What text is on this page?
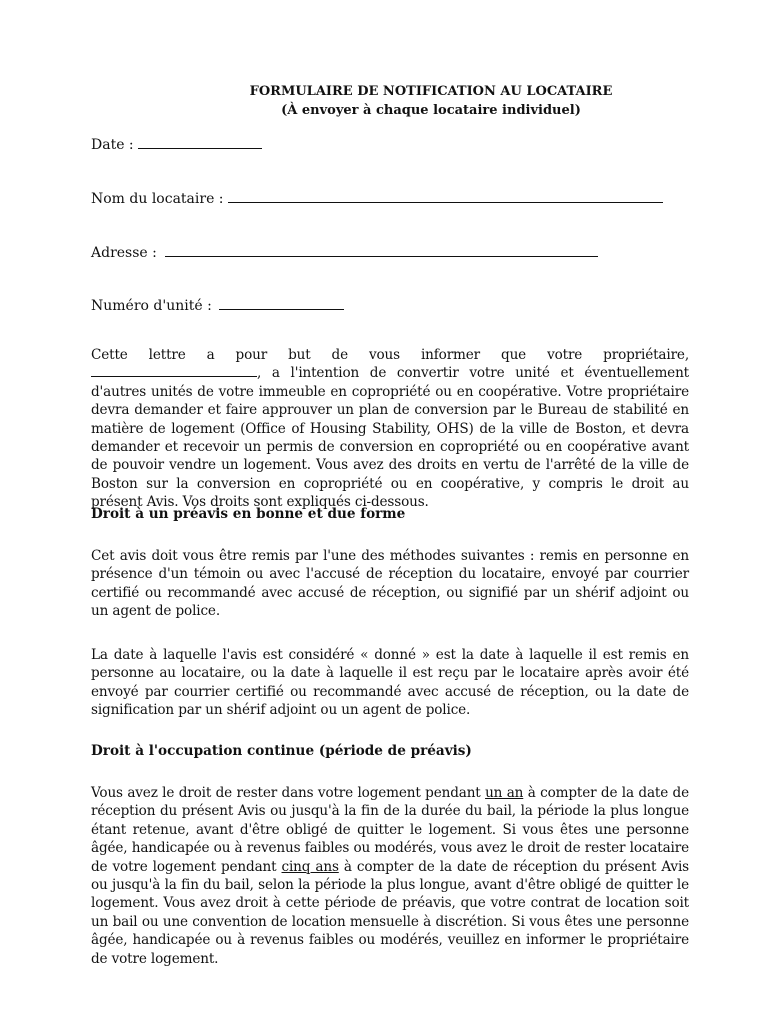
FORMULAIRE DE NOTIFICATION AU LOCATAIRE
(À envoyer à chaque locataire individuel)
Date :
Nom du locataire :
Adresse :
Numéro d'unité :
Cette lettre a pour but de vous informer que votre propriétaire, , a l'intention de convertir votre unité et éventuellement d'autres unités de votre immeuble en copropriété ou en coopérative. Votre propriétaire devra demander et faire approuver un plan de conversion par le Bureau de stabilité en matière de logement (Office of Housing Stability, OHS) de la ville de Boston, et devra demander et recevoir un permis de conversion en copropriété ou en coopérative avant de pouvoir vendre un logement. Vous avez des droits en vertu de l'arrêté de la ville de Boston sur la conversion en copropriété ou en coopérative, y compris le droit au présent Avis. Vos droits sont expliqués ci-dessous.
Droit à un préavis en bonne et due forme
Cet avis doit vous être remis par l'une des méthodes suivantes : remis en personne en présence d'un témoin ou avec l'accusé de réception du locataire, envoyé par courrier certifié ou recommandé avec accusé de réception, ou signifié par un shérif adjoint ou un agent de police.
La date à laquelle l'avis est considéré « donné » est la date à laquelle il est remis en personne au locataire, ou la date à laquelle il est reçu par le locataire après avoir été envoyé par courrier certifié ou recommandé avec accusé de réception, ou la date de signification par un shérif adjoint ou un agent de police.
Droit à l'occupation continue (période de préavis)
Vous avez le droit de rester dans votre logement pendant un an à compter de la date de réception du présent Avis ou jusqu'à la fin de la durée du bail, la période la plus longue étant retenue, avant d'être obligé de quitter le logement. Si vous êtes une personne âgée, handicapée ou à revenus faibles ou modérés, vous avez le droit de rester locataire de votre logement pendant cinq ans à compter de la date de réception du présent Avis ou jusqu'à la fin du bail, selon la période la plus longue, avant d'être obligé de quitter le logement. Vous avez droit à cette période de préavis, que votre contrat de location soit un bail ou une convention de location mensuelle à discrétion. Si vous êtes une personne âgée, handicapée ou à revenus faibles ou modérés, veuillez en informer le propriétaire de votre logement.
